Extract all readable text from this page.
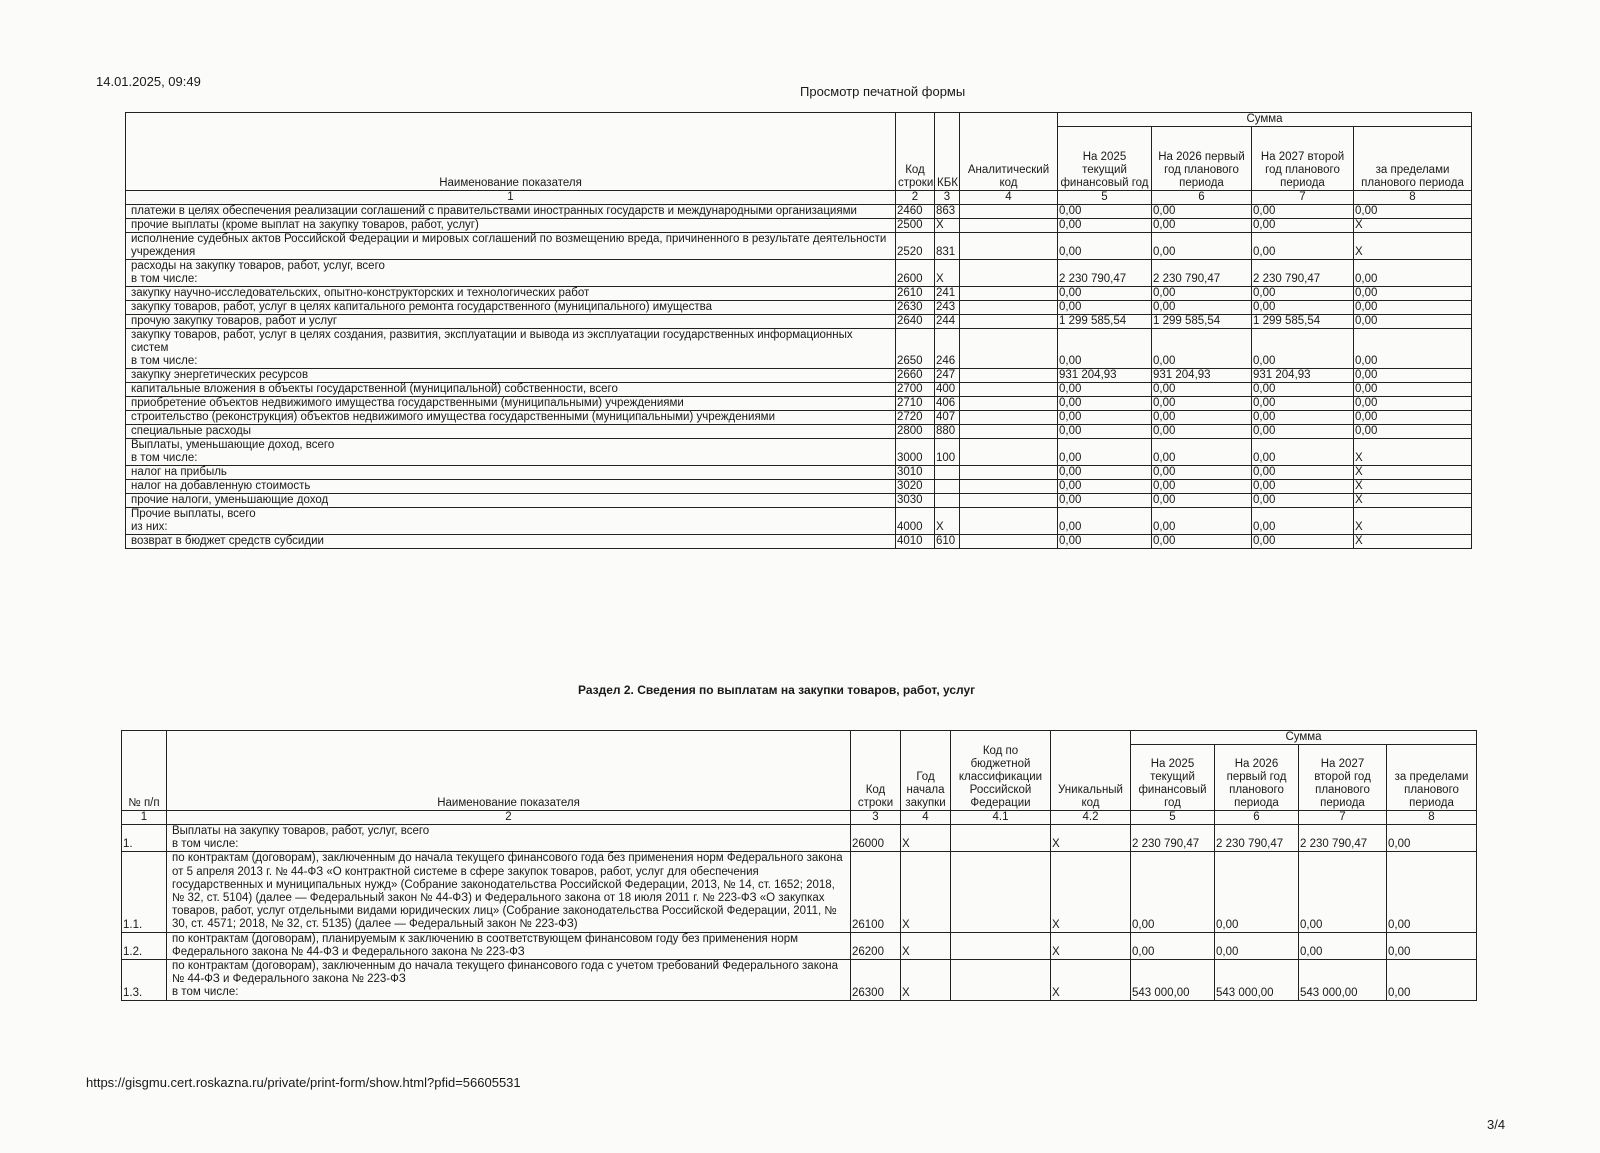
14.01.2025, 09:49
Просмотр печатной формы
Наименование показателя	Код строки	КБК	Аналитический код	Сумма			
				На 2025 текущий финансовый год	На 2026 первый год планового периода	На 2027 второй год планового периода	за пределами планового периода
1	2	3	4	5	6	7	8
платежи в целях обеспечения реализации соглашений с правительствами иностранных государств и международными организациями	2460	863		0,00	0,00	0,00	0,00
прочие выплаты (кроме выплат на закупку товаров, работ, услуг)	2500	X		0,00	0,00	0,00	X
исполнение судебных актов Российской Федерации и мировых соглашений по возмещению вреда, причиненного в результате деятельности учреждения	2520	831		0,00	0,00	0,00	X
расходы на закупку товаров, работ, услуг, всего
в том числе:	2600	X		2 230 790,47	2 230 790,47	2 230 790,47	0,00
закупку научно-исследовательских, опытно-конструкторских и технологических работ	2610	241		0,00	0,00	0,00	0,00
закупку товаров, работ, услуг в целях капитального ремонта государственного (муниципального) имущества	2630	243		0,00	0,00	0,00	0,00
прочую закупку товаров, работ и услуг	2640	244		1 299 585,54	1 299 585,54	1 299 585,54	0,00
закупку товаров, работ, услуг в целях создания, развития, эксплуатации и вывода из эксплуатации государственных информационных систем
в том числе:	2650	246		0,00	0,00	0,00	0,00
закупку энергетических ресурсов	2660	247		931 204,93	931 204,93	931 204,93	0,00
капитальные вложения в объекты государственной (муниципальной) собственности, всего	2700	400		0,00	0,00	0,00	0,00
приобретение объектов недвижимого имущества государственными (муниципальными) учреждениями	2710	406		0,00	0,00	0,00	0,00
строительство (реконструкция) объектов недвижимого имущества государственными (муниципальными) учреждениями	2720	407		0,00	0,00	0,00	0,00
специальные расходы	2800	880		0,00	0,00	0,00	0,00
Выплаты, уменьшающие доход, всего
в том числе:	3000	100		0,00	0,00	0,00	X
налог на прибыль	3010			0,00	0,00	0,00	X
налог на добавленную стоимость	3020			0,00	0,00	0,00	X
прочие налоги, уменьшающие доход	3030			0,00	0,00	0,00	X
Прочие выплаты, всего
из них:	4000	X		0,00	0,00	0,00	X
возврат в бюджет средств субсидии	4010	610		0,00	0,00	0,00	X
Раздел 2. Сведения по выплатам на закупки товаров, работ, услуг
№ п/п	Наименование показателя	Код строки	Год начала закупки	Код по бюджетной классификации Российской Федерации	Уникальный код	Сумма			
						На 2025 текущий финансовый год	На 2026 первый год планового периода	На 2027 второй год планового периода	за пределами планового периода
1	2	3	4	4.1	4.2	5	6	7	8
1.	Выплаты на закупку товаров, работ, услуг, всего
в том числе:	26000	X		X	2 230 790,47	2 230 790,47	2 230 790,47	0,00
1.1.	по контрактам (договорам), заключенным до начала текущего финансового года без применения норм Федерального закона от 5 апреля 2013 г. № 44-ФЗ «О контрактной системе в сфере закупок товаров, работ, услуг для обеспечения государственных и муниципальных нужд» (Собрание законодательства Российской Федерации, 2013, № 14, ст. 1652; 2018, № 32, ст. 5104) (далее — Федеральный закон № 44-ФЗ) и Федерального закона от 18 июля 2011 г. № 223-ФЗ «О закупках товаров, работ, услуг отдельными видами юридических лиц» (Собрание законодательства Российской Федерации, 2011, № 30, ст. 4571; 2018, № 32, ст. 5135) (далее — Федеральный закон № 223-ФЗ)	26100	X		X	0,00	0,00	0,00	0,00
1.2.	по контрактам (договорам), планируемым к заключению в соответствующем финансовом году без применения норм Федерального закона № 44-ФЗ и Федерального закона № 223-ФЗ	26200	X		X	0,00	0,00	0,00	0,00
1.3.	по контрактам (договорам), заключенным до начала текущего финансового года с учетом требований Федерального закона № 44-ФЗ и Федерального закона № 223-ФЗ
в том числе:	26300	X		X	543 000,00	543 000,00	543 000,00	0,00
https://gisgmu.cert.roskazna.ru/private/print-form/show.html?pfid=56605531
3/4
